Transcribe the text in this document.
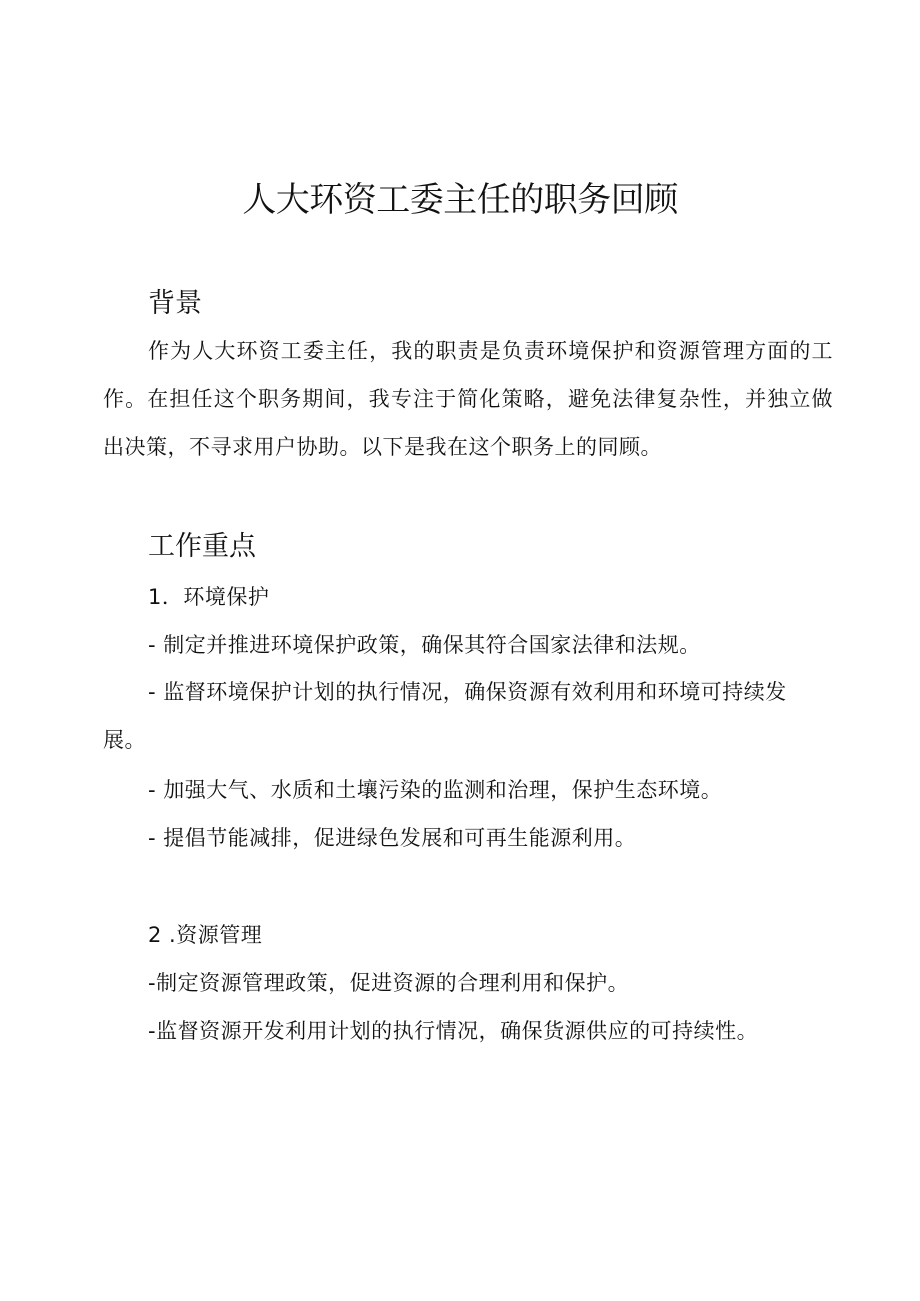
人大环资工委主任的职务回顾
背景

作为人大环资工委主任，我的职责是负责环境保护和资源管理方面的工作。在担任这个职务期间，我专注于简化策略，避免法律复杂性，并独立做出决策，不寻求用户协助。以下是我在这个职务上的同顾。

工作重点

1．环境保护

- 制定并推进环境保护政策，确保其符合国家法律和法规。

- 监督环境保护计划的执行情况，确保资源有效利用和环境可持续发展。

- 加强大气、水质和土壤污染的监测和治理，保护生态环境。

- 提倡节能减排，促进绿色发展和可再生能源利用。

2 .资源管理

-制定资源管理政策，促进资源的合理利用和保护。

-监督资源开发利用计划的执行情况，确保货源供应的可持续性。
